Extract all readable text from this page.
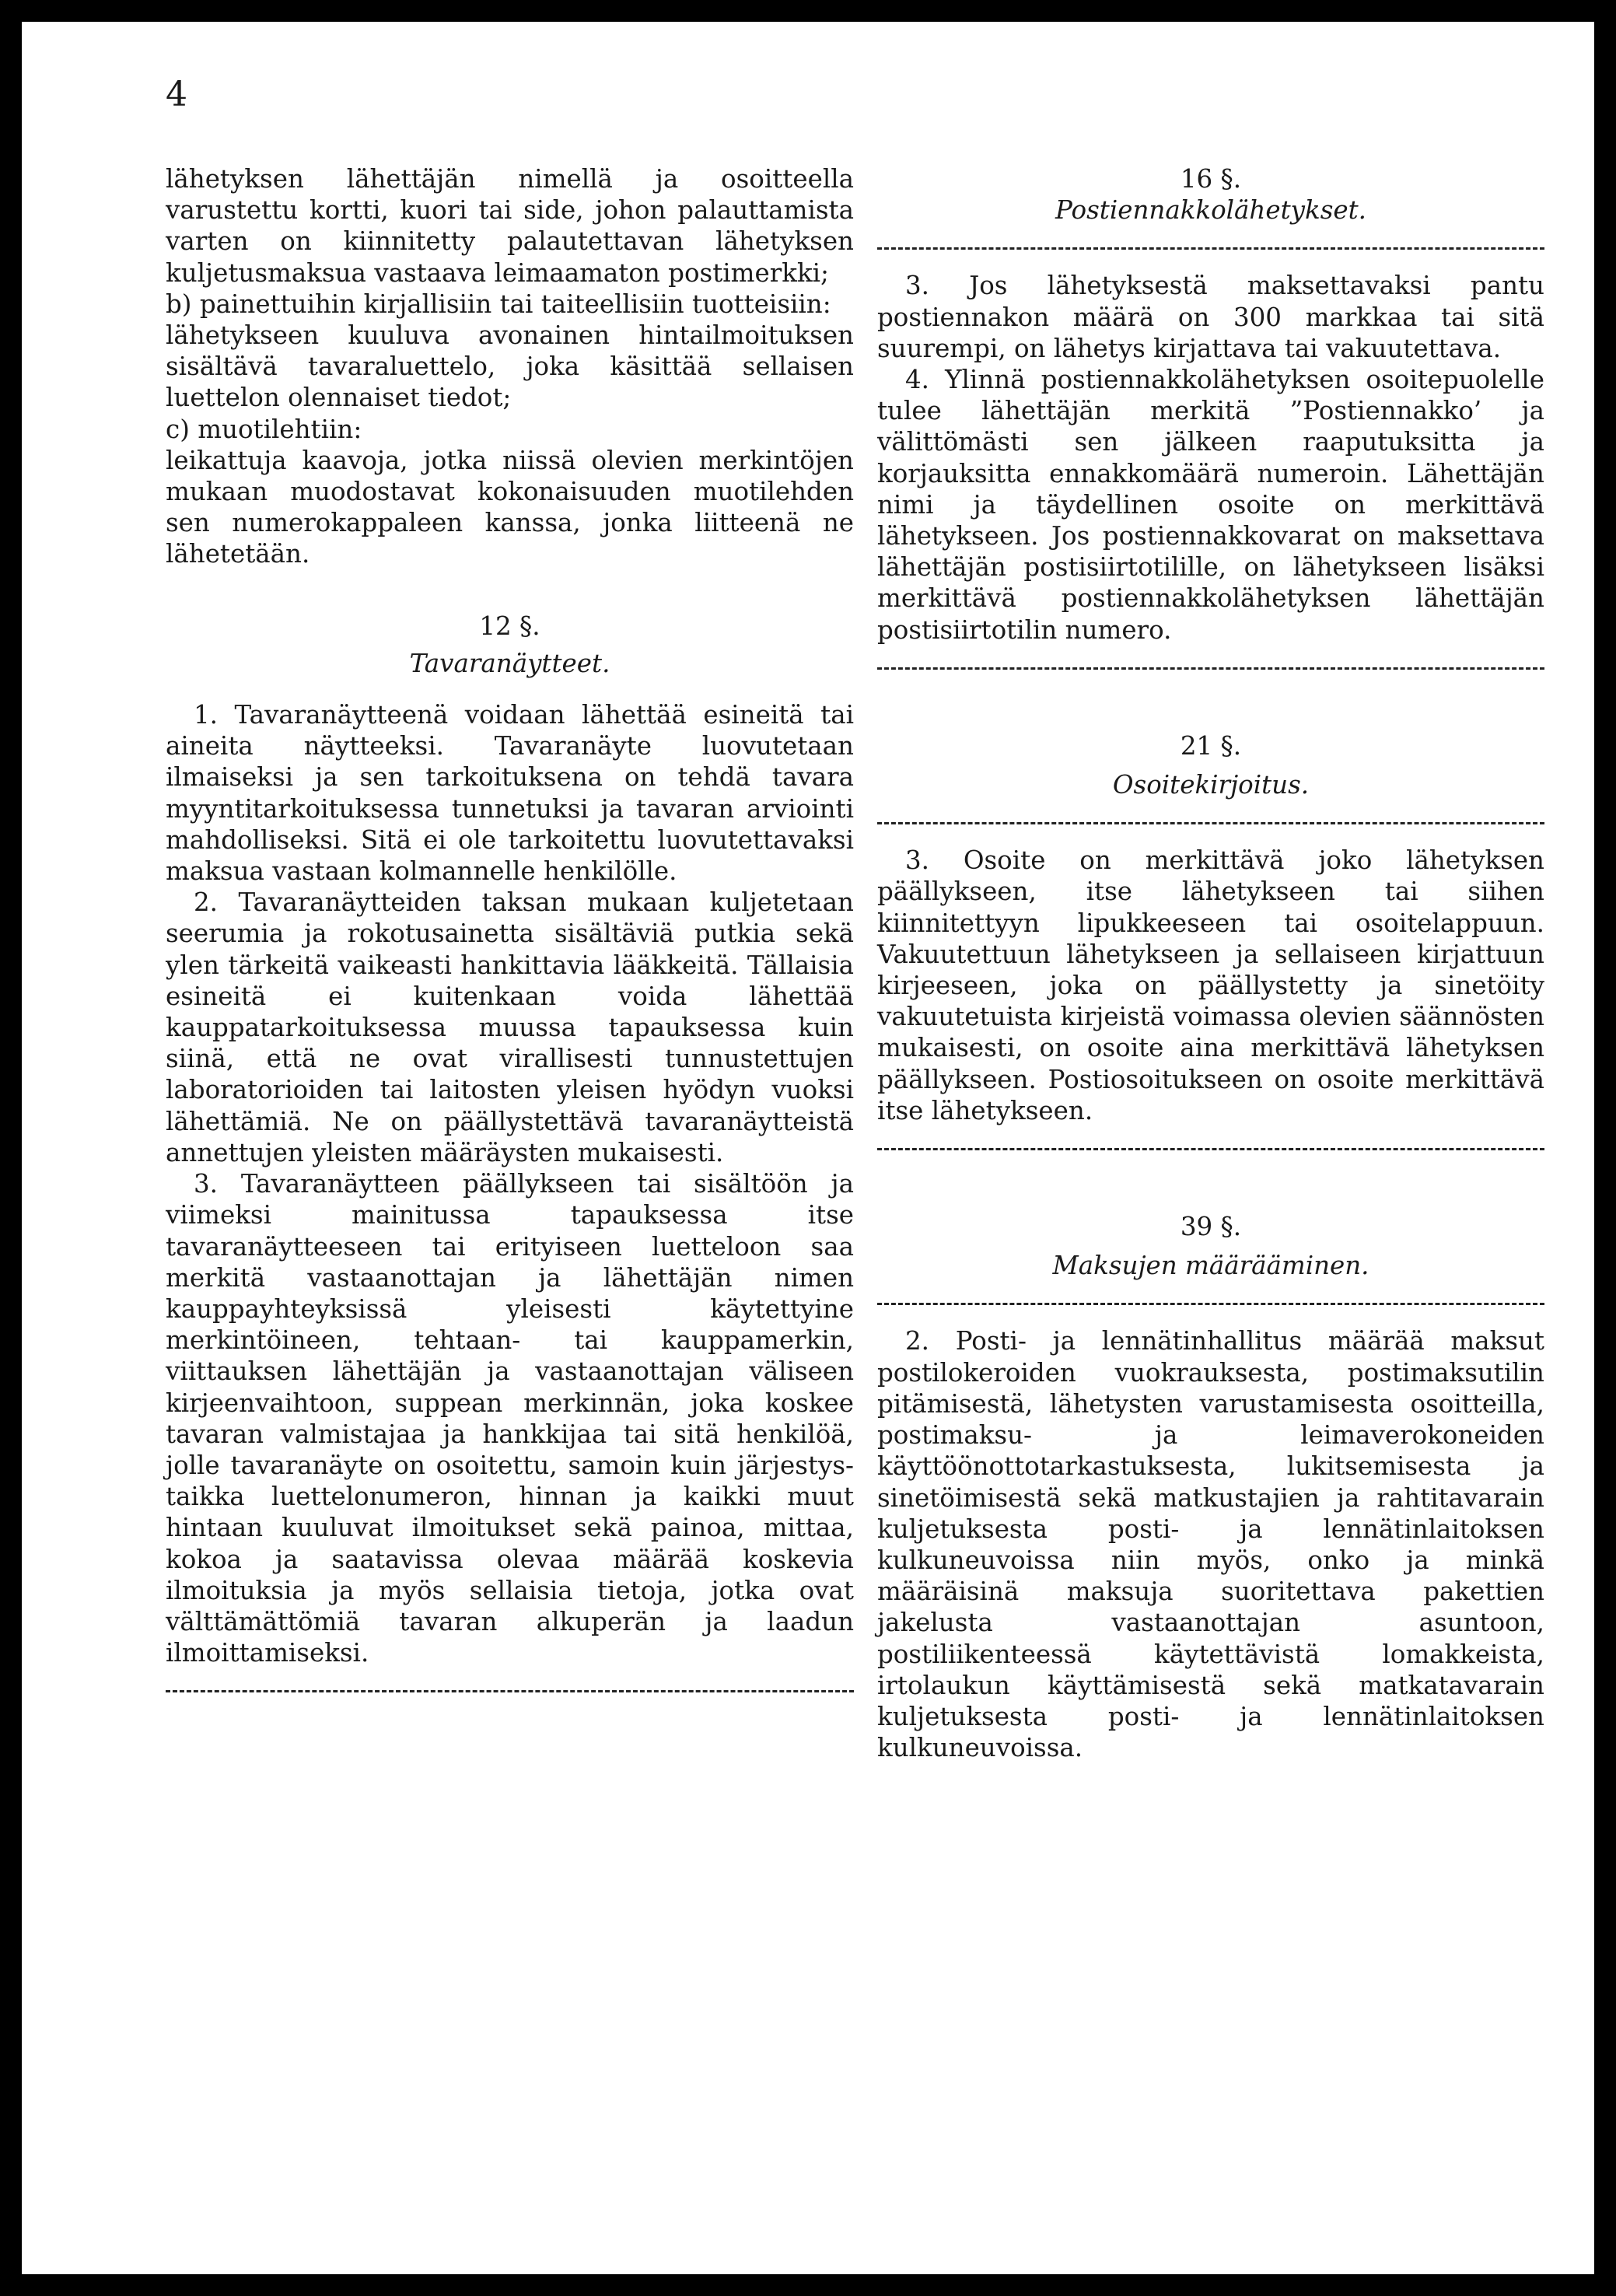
4

lähetyksen lähettäjän nimellä ja osoitteella varustettu kortti, kuori tai side, johon palauttamista varten on kiinnitetty palautettavan lähetyksen kuljetusmaksua vastaava leimaamaton postimerkki;

b) painettuihin kirjallisiin tai taiteellisiin tuotteisiin:

lähetykseen kuuluva avonainen hintailmoituksen sisältävä tavaraluettelo, joka käsittää sellaisen luettelon olennaiset tiedot;

c) muotilehtiin:

leikattuja kaavoja, jotka niissä olevien merkintöjen mukaan muodostavat kokonaisuuden muotilehden sen numerokappaleen kanssa, jonka liitteenä ne lähetetään.

12 §.

Tavaranäytteet.

1. Tavaranäytteenä voidaan lähettää esineitä tai aineita näytteeksi. Tavaranäyte luovutetaan ilmaiseksi ja sen tarkoituksena on tehdä tavara myyntitarkoituksessa tunnetuksi ja tavaran arviointi mahdolliseksi. Sitä ei ole tarkoitettu luovutettavaksi maksua vastaan kolmannelle henkilölle.

2. Tavaranäytteiden taksan mukaan kuljetetaan seerumia ja rokotusainetta sisältäviä putkia sekä ylen tärkeitä vaikeasti hankittavia lääkkeitä. Tällaisia esineitä ei kuitenkaan voida lähettää kauppatarkoituksessa muussa tapauksessa kuin siinä, että ne ovat virallisesti tunnustettujen laboratorioiden tai laitosten yleisen hyödyn vuoksi lähettämiä. Ne on päällystettävä tavaranäytteistä annettujen yleisten määräysten mukaisesti.

3. Tavaranäytteen päällykseen tai sisältöön ja viimeksi mainitussa tapauksessa itse tavaranäytteeseen tai erityiseen luetteloon saa merkitä vastaanottajan ja lähettäjän nimen kauppayhteyksissä yleisesti käytettyine merkintöineen, tehtaan- tai kauppamerkin, viittauksen lähettäjän ja vastaanottajan väliseen kirjeenvaihtoon, suppean merkinnän, joka koskee tavaran valmistajaa ja hankkijaa tai sitä henkilöä, jolle tavaranäyte on osoitettu, samoin kuin järjestys- taikka luettelonumeron, hinnan ja kaikki muut hintaan kuuluvat ilmoitukset sekä painoa, mittaa, kokoa ja saatavissa olevaa määrää koskevia ilmoituksia ja myös sellaisia tietoja, jotka ovat välttämättömiä tavaran alkuperän ja laadun ilmoittamiseksi.

16 §.

Postiennakkolähetykset.

3. Jos lähetyksestä maksettavaksi pantu postiennakon määrä on 300 markkaa tai sitä suurempi, on lähetys kirjattava tai vakuutettava.

4. Ylinnä postiennakkolähetyksen osoitepuolelle tulee lähettäjän merkitä ”Postiennakko’ ja välittömästi sen jälkeen raaputuksitta ja korjauksitta ennakkomäärä numeroin. Lähettäjän nimi ja täydellinen osoite on merkittävä lähetykseen. Jos postiennakkovarat on maksettava lähettäjän postisiirtotilille, on lähetykseen lisäksi merkittävä postiennakkolähetyksen lähettäjän postisiirtotilin numero.

21 §.

Osoitekirjoitus.

3. Osoite on merkittävä joko lähetyksen päällykseen, itse lähetykseen tai siihen kiinnitettyyn lipukkeeseen tai osoitelappuun. Vakuutettuun lähetykseen ja sellaiseen kirjattuun kirjeeseen, joka on päällystetty ja sinetöity vakuutetuista kirjeistä voimassa olevien säännösten mukaisesti, on osoite aina merkittävä lähetyksen päällykseen. Postiosoitukseen on osoite merkittävä itse lähetykseen.

39 §.

Maksujen määrääminen.

2. Posti- ja lennätinhallitus määrää maksut postilokeroiden vuokrauksesta, postimaksutilin pitämisestä, lähetysten varustamisesta osoitteilla, postimaksu- ja leimaverokoneiden käyttöönottotarkastuksesta, lukitsemisesta ja sinetöimisestä sekä matkustajien ja rahtitavarain kuljetuksesta posti- ja lennätinlaitoksen kulkuneuvoissa niin myös, onko ja minkä määräisinä maksuja suoritettava pakettien jakelusta vastaanottajan asuntoon, postiliikenteessä käytettävistä lomakkeista, irtolaukun käyttämisestä sekä matkatavarain kuljetuksesta posti- ja lennätinlaitoksen kulkuneuvoissa.
